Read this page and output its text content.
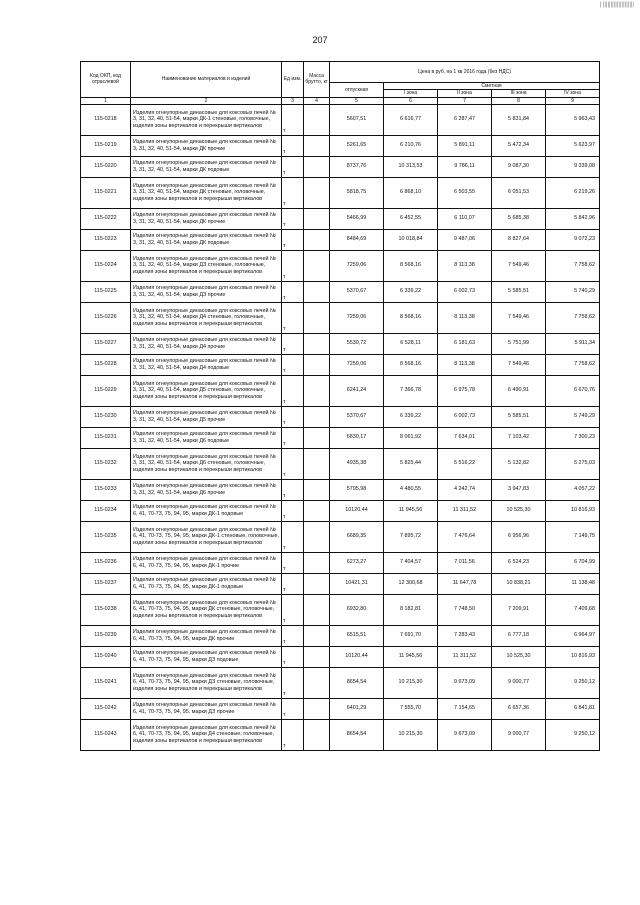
| ||||||||||||||||||||
207
Код ОКП, код отраслевой	Наименование материалов и изделий	Ед изм.	Масса брутто, кг	Цена в руб. на 1 кв 2016 года (без НДС)				
				отпускная	Сметная			
					I зона	II зона	III зона	IV зона
1	2	3	4	5	6	7	8	9
115-0218	Изделия огнеупорные динасовые для коксовых печей № 3, 31, 32, 40, 51-54, марки ДК-1 стеновые, головочные, изделия зоны вертикалов и перекрыши вертикалов	т		5607,51	6 616,77	6 287,47	5 831,84	5 963,43
115-0219	Изделия огнеупорные динасовые для коксовых печей № 3, 31, 32, 40, 51-54, марки ДК прочие	т		5261,65	6 210,76	5 891,11	5 472,34	5 623,97
115-0220	Изделия огнеупорные динасовые для коксовых печей № 3, 31, 32, 40, 51-54, марки ДК подовые	т		8737,76	10 313,53	9 786,11	9 087,30	9 339,08
115-0221	Изделия огнеупорные динасовые для коксовых печей № 3, 31, 32, 40, 51-54, марки ДК стеновые, головочные, изделия зоны вертикалов и перекрыши вертикалов	т		5818,75	6 868,10	6 503,55	6 051,53	6 219,26
115-0222	Изделия огнеупорные динасовые для коксовых печей № 3, 31, 32, 40, 51-54, марки ДК прочие	т		5466,99	6 452,55	6 110,07	5 685,38	5 842,96
115-0223	Изделия огнеупорные динасовые для коксовых печей № 3, 31, 32, 40, 51-54, марки ДК подовые	т		8484,69	10 018,84	9 487,06	8 827,64	9 072,23
115-0224	Изделия огнеупорные динасовые для коксовых печей № 3, 31, 32, 40, 51-54, марки ДЗ стеновые, головочные, изделия зоны вертикалов и перекрыши вертикалов	т		7259,06	8 568,16	8 113,38	7 549,46	7 758,62
115-0225	Изделия огнеупорные динасовые для коксовых печей № 3, 31, 32, 40, 51-54, марки ДЗ прочие	т		5370,67	6 339,22	6 002,73	5 585,51	5 740,29
115-0226	Изделия огнеупорные динасовые для коксовых печей № 3, 31, 32, 40, 51-54, марки Д4 стеновые, головочные, изделия зоны вертикалов и перекрыши вертикалов	т		7259,06	8 568,16	8 113,38	7 549,46	7 758,62
115-0227	Изделия огнеупорные динасовые для коксовых печей № 3, 31, 32, 40, 51-54, марки Д4 прочие	т		5530,72	6 528,11	6 181,63	5 751,99	5 911,34
115-0228	Изделия огнеупорные динасовые для коксовых печей № 3, 31, 32, 40, 51-54, марки Д4 подовые	т		7259,06	8 568,16	8 113,38	7 549,46	7 758,62
115-0229	Изделия огнеупорные динасовые для коксовых печей № 3, 31, 32, 40, 51-54, марки Д5 стеновые, головочные, изделия зоны вертикалов и перекрыши вертикалов	т		6241,24	7 366,78	6 975,78	6 490,91	6 670,76
115-0230	Изделия огнеупорные динасовые для коксовых печей № 3, 31, 32, 40, 51-54, марки Д5 прочие	т		5370,67	6 339,22	6 002,73	5 585,51	5 749,29
115-0231	Изделия огнеупорные динасовые для коксовых печей № 3, 31, 32, 40, 51-54, марки Д6 подовые	т		6830,17	8 061,92	7 634,01	7 103,42	7 300,23
115-0232	Изделия огнеупорные динасовые для коксовых печей № 3, 31, 32, 40, 51-54, марки Д6 стеновые, головочные, изделия зоны вертикалов и перекрыши вертикалов	т		4935,38	5 825,44	5 516,22	5 132,82	5 275,03
115-0233	Изделия огнеупорные динасовые для коксовых печей № 3, 31, 32, 40, 51-54, марки Д6 прочие	т		5795,98	4 480,55	4 242,74	3 947,83	4 057,22
115-0234	Изделия огнеупорные динасовые для коксовых печей № 6, 41, 70-73, 75, 94, 95, марки ДК-1 подовые	т		10120,44	11 945,56	11 311,52	10 525,30	10 816,93
115-0235	Изделия огнеупорные динасовые для коксовых печей № 6, 41, 70-73, 75, 94, 95, марки ДК-1 стеновые, головочные, изделия зоны вертикалов и перекрыши вертикалов	т		6689,35	7 895,72	7 476,64	6 956,96	7 149,75
115-0236	Изделия огнеупорные динасовые для коксовых печей № 6, 41, 70-73, 75, 94, 95, марки ДК-1 прочие	т		6273,27	7 404,57	7 011,56	6 524,23	6 704,99
115-0237	Изделия огнеупорные динасовые для коксовых печей № 6, 41, 70-73, 75, 94, 95, марки ДК-1 подовые	т		10421,31	12 300,68	11 647,78	10 838,21	11 138,48
115-0238	Изделия огнеупорные динасовые для коксовых печей № 6, 41, 70-73, 75, 94, 95, марки ДК стеновые, головочные, изделия зоны вертикалов и перекрыши вертикалов	т		6932,80	8 182,81	7 748,50	7 209,91	7 409,68
115-0239	Изделия огнеупорные динасовые для коксовых печей № 6, 41, 70-73, 75, 94, 95, марки ДК прочие	т		6515,51	7 691,70	7 283,43	6 777,18	6 964,97
115-0240	Изделия огнеупорные динасовые для коксовых печей № 6, 41, 70-73, 75, 94, 95, марки ДЗ подовые	т		10120,44	11 945,56	11 311,52	10 525,30	10 816,93
115-0241	Изделия огнеупорные динасовые для коксовых печей № 6, 41, 70-73, 75, 94, 95, марки ДЗ стеновые, головочные, изделия зоны вертикалов и перекрыши вертикалов	т		8654,54	10 215,30	9 673,09	9 000,77	9 250,12
115-0242	Изделия огнеупорные динасовые для коксовых печей № 6, 41, 70-73, 75, 94, 95, марки ДЗ прочие	т		6401,29	7 555,70	7 154,65	6 657,36	6 841,81
115-0243	Изделия огнеупорные динасовые для коксовых печей № 6, 41, 70-73, 75, 94, 95, марки Д4 стеновые, головочные, изделия зоны вертикалов и перекрыши вертикалов	т		8654,54	10 215,30	9 673,09	9 000,77	9 250,12
